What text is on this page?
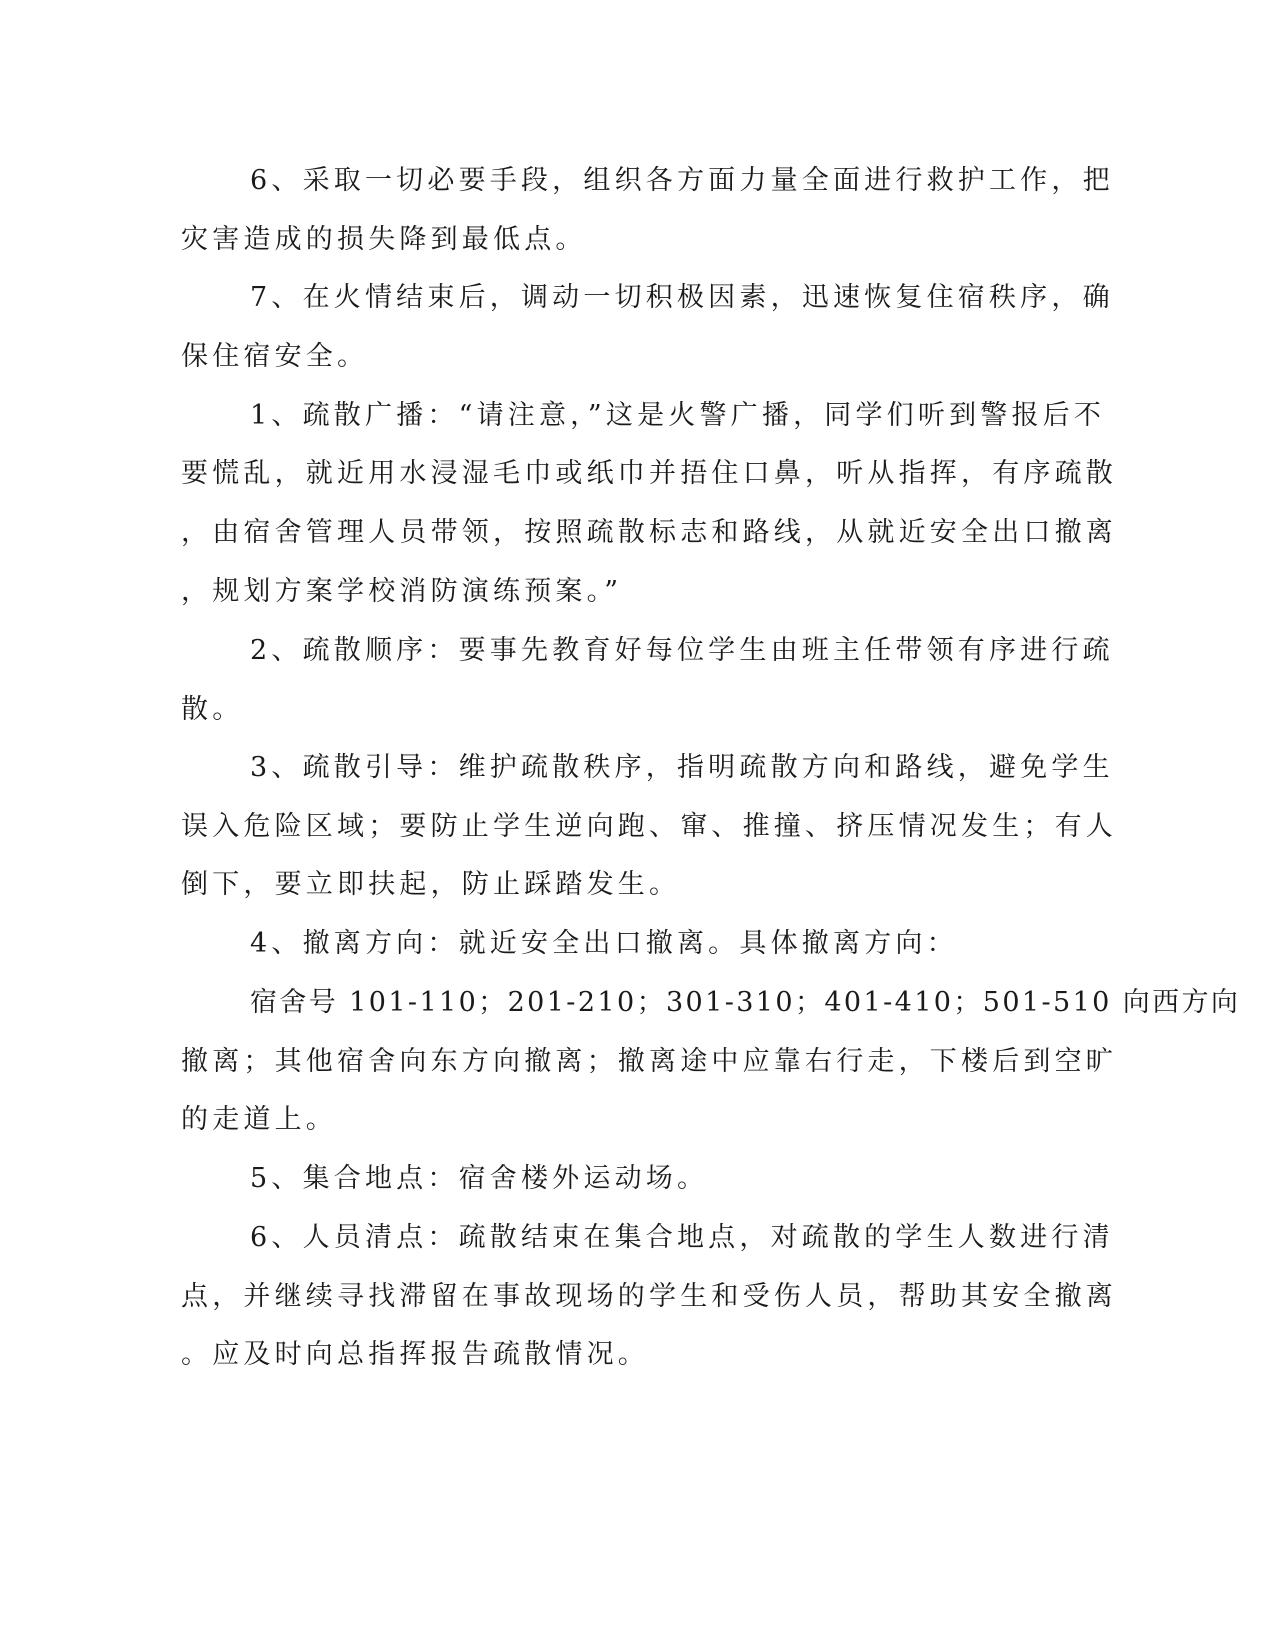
6、采取一切必要手段，组织各方面力量全面进行救护工作，把
灾害造成的损失降到最低点。
7、在火情结束后，调动一切积极因素，迅速恢复住宿秩序，确
保住宿安全。
1、疏散广播：“请注意，”这是火警广播，同学们听到警报后不
要慌乱，就近用水浸湿毛巾或纸巾并捂住口鼻，听从指挥，有序疏散
，由宿舍管理人员带领，按照疏散标志和路线，从就近安全出口撤离
，规划方案学校消防演练预案。”
2、疏散顺序：要事先教育好每位学生由班主任带领有序进行疏
散。
3、疏散引导：维护疏散秩序，指明疏散方向和路线，避免学生
误入危险区域；要防止学生逆向跑、窜、推撞、挤压情况发生；有人
倒下，要立即扶起，防止踩踏发生。
4、撤离方向：就近安全出口撤离。具体撤离方向：
宿舍号 101-110；201-210；301-310；401-410；501-510 向西方向
撤离；其他宿舍向东方向撤离；撤离途中应靠右行走，下楼后到空旷
的走道上。
5、集合地点：宿舍楼外运动场。
6、人员清点：疏散结束在集合地点，对疏散的学生人数进行清
点，并继续寻找滞留在事故现场的学生和受伤人员，帮助其安全撤离
。应及时向总指挥报告疏散情况。
